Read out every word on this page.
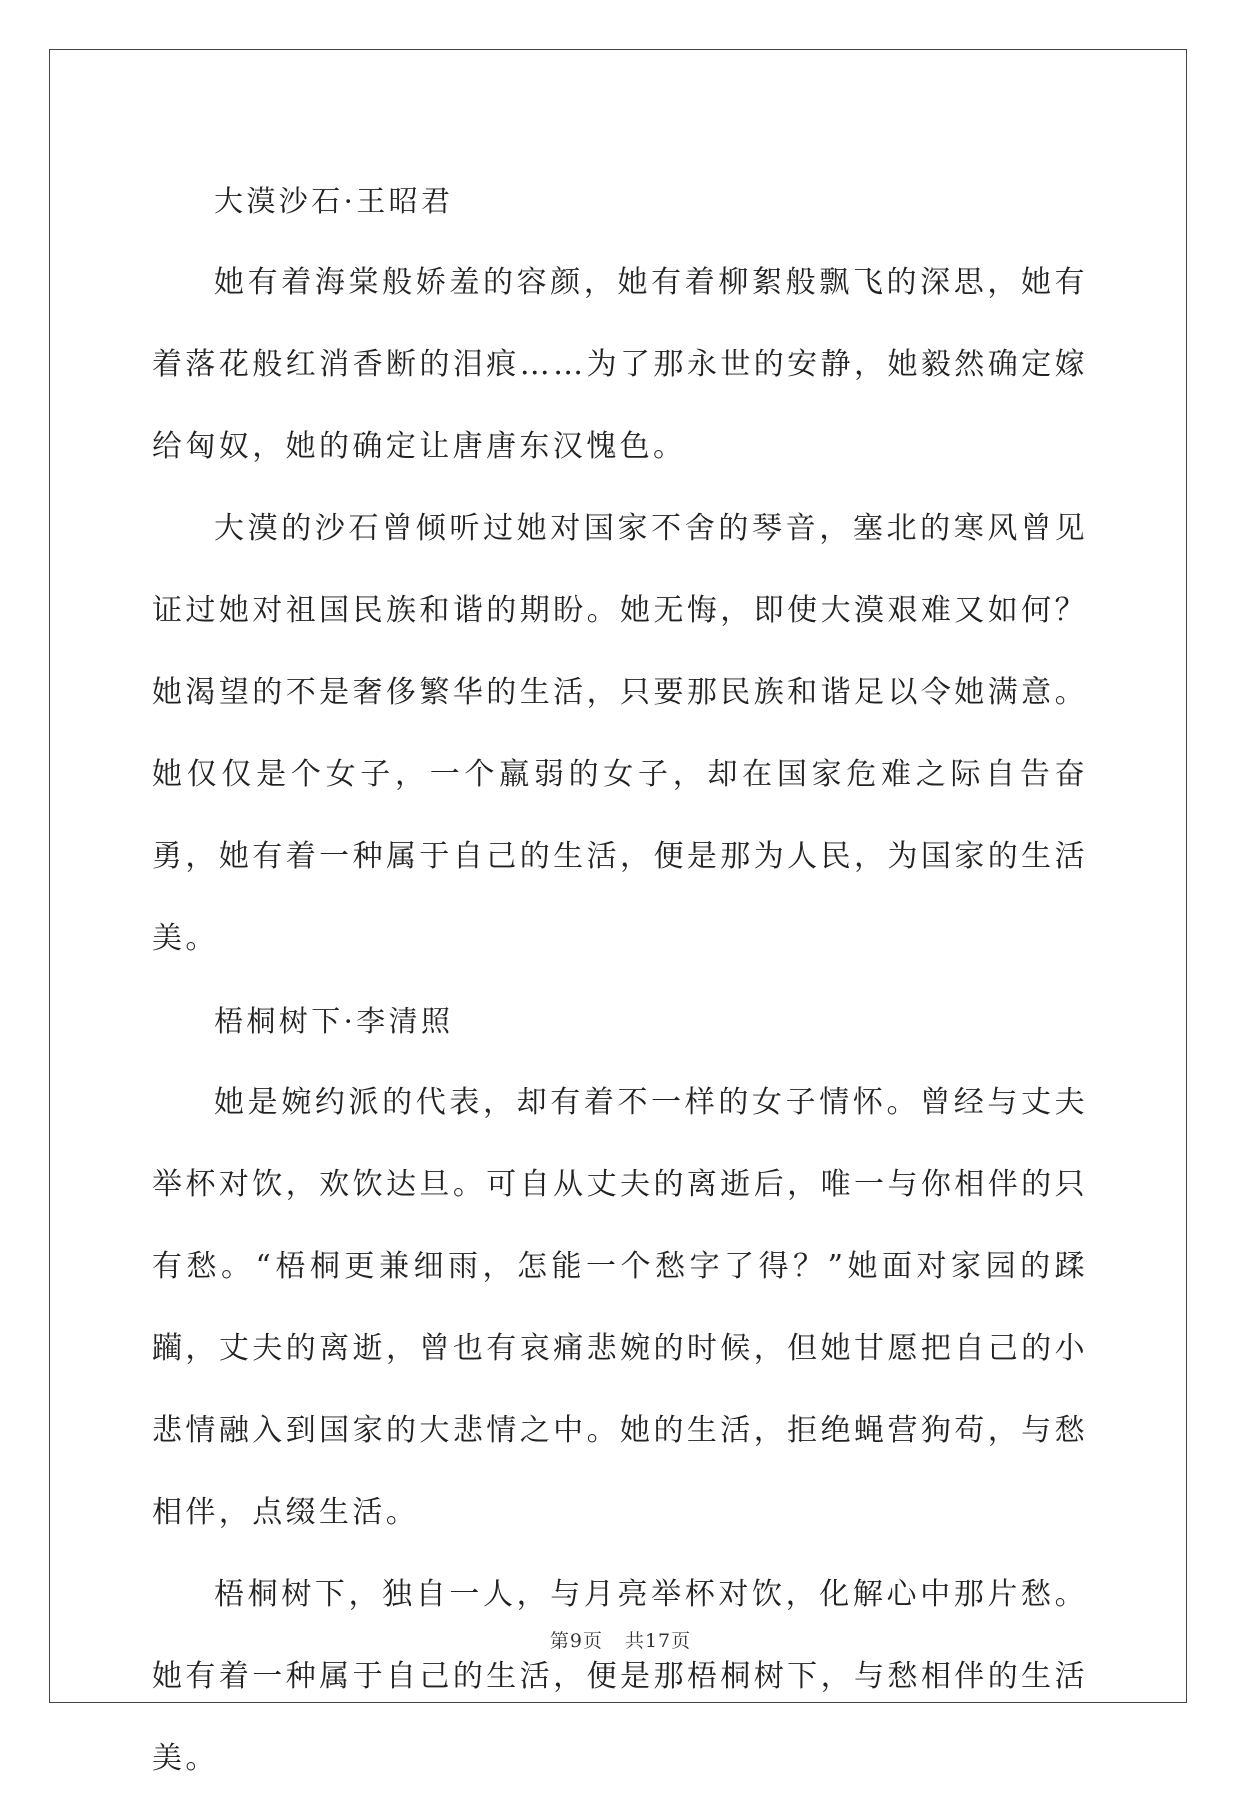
大漠沙石·王昭君

她有着海棠般娇羞的容颜，她有着柳絮般飘飞的深思，她有着落花般红消香断的泪痕……为了那永世的安静，她毅然确定嫁给匈奴，她的确定让唐唐东汉愧色。

大漠的沙石曾倾听过她对国家不舍的琴音，塞北的寒风曾见证过她对祖国民族和谐的期盼。她无悔，即使大漠艰难又如何？她渴望的不是奢侈繁华的生活，只要那民族和谐足以令她满意。她仅仅是个女子，一个羸弱的女子，却在国家危难之际自告奋勇，她有着一种属于自己的生活，便是那为人民，为国家的生活美。

梧桐树下·李清照

她是婉约派的代表，却有着不一样的女子情怀。曾经与丈夫举杯对饮，欢饮达旦。可自从丈夫的离逝后，唯一与你相伴的只有愁。“梧桐更兼细雨，怎能一个愁字了得？”她面对家园的蹂躏，丈夫的离逝，曾也有哀痛悲婉的时候，但她甘愿把自己的小悲情融入到国家的大悲情之中。她的生活，拒绝蝇营狗苟，与愁相伴，点缀生活。

梧桐树下，独自一人，与月亮举杯对饮，化解心中那片愁。她有着一种属于自己的生活，便是那梧桐树下，与愁相伴的生活美。

第9页 共17页
